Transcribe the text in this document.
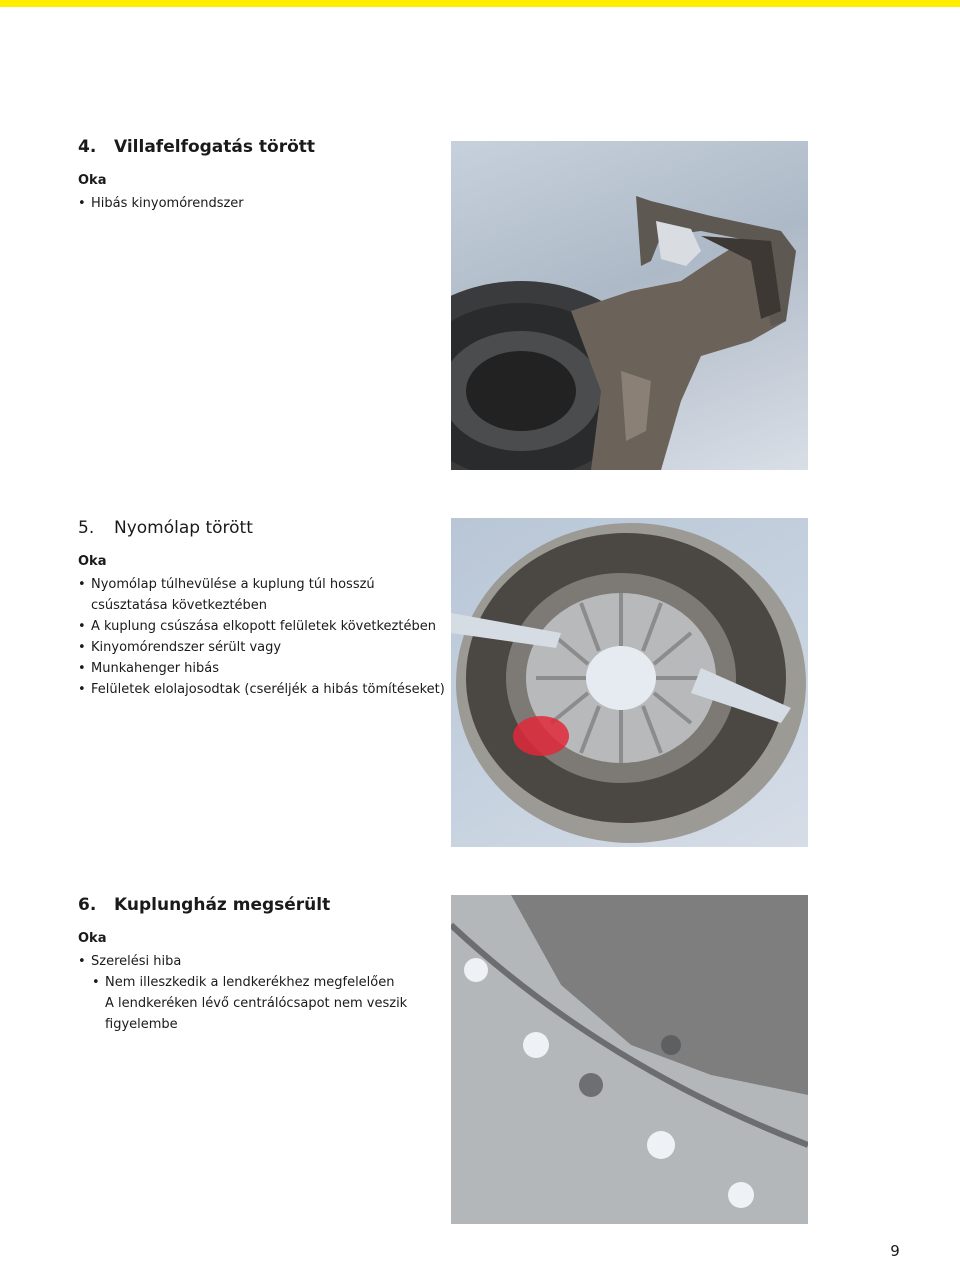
4.	Villafelfogatás törött
Oka
• Hibás kinyomórendszer
5.	Nyomólap törött
Oka
• Nyomólap túlhevülése a kuplung túl hosszú
csúsztatása következtében
• A kuplung csúszása elkopott felületek következtében
• Kinyomórendszer sérült vagy
• Munkahenger hibás
• Felületek elolajosodtak (cseréljék a hibás tömítéseket)
6.	Kuplungház megsérült
Oka
• Szerelési hiba
• Nem illeszkedik a lendkerékhez megfelelően
A lendkeréken lévő centrálócsapot nem veszik
figyelembe
9
